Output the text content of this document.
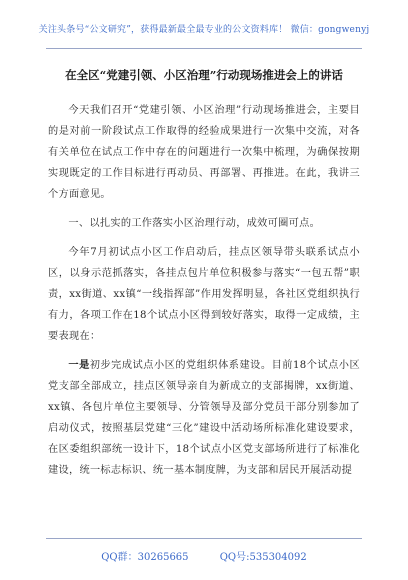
关注头条号“公文研究”，获得最新最全最专业的公文资料库！ 微信：gongwenyj
在全区“党建引领、小区治理”行动现场推进会上的讲话

今天我们召开“党建引领、小区治理”行动现场推进会，主要目的是对前一阶段试点工作取得的经验成果进行一次集中交流，对各有关单位在试点工作中存在的问题进行一次集中梳理，为确保按期实现既定的工作目标进行再动员、再部署、再推进。在此，我讲三个方面意见。

一、以扎实的工作落实小区治理行动，成效可圈可点。

今年7月初试点小区工作启动后，挂点区领导带头联系试点小区，以身示范抓落实，各挂点包片单位积极参与落实“一包五帮”职责，xx街道、xx镇“一线指挥部”作用发挥明显，各社区党组织执行有力，各项工作在18个试点小区得到较好落实，取得一定成绩，主要表现在：

一是初步完成试点小区的党组织体系建设。目前18个试点小区党支部全部成立，挂点区领导亲自为新成立的支部揭牌，xx街道、xx镇、各包片单位主要领导、分管领导及部分党员干部分别参加了启动仪式，按照基层党建“三化”建设中活动场所标准化建设要求，在区委组织部统一设计下，18个试点小区党支部场所进行了标准化建设，统一标志标识、统一基本制度牌，为支部和居民开展活动提

QQ群：30265665	QQ号:535304092
